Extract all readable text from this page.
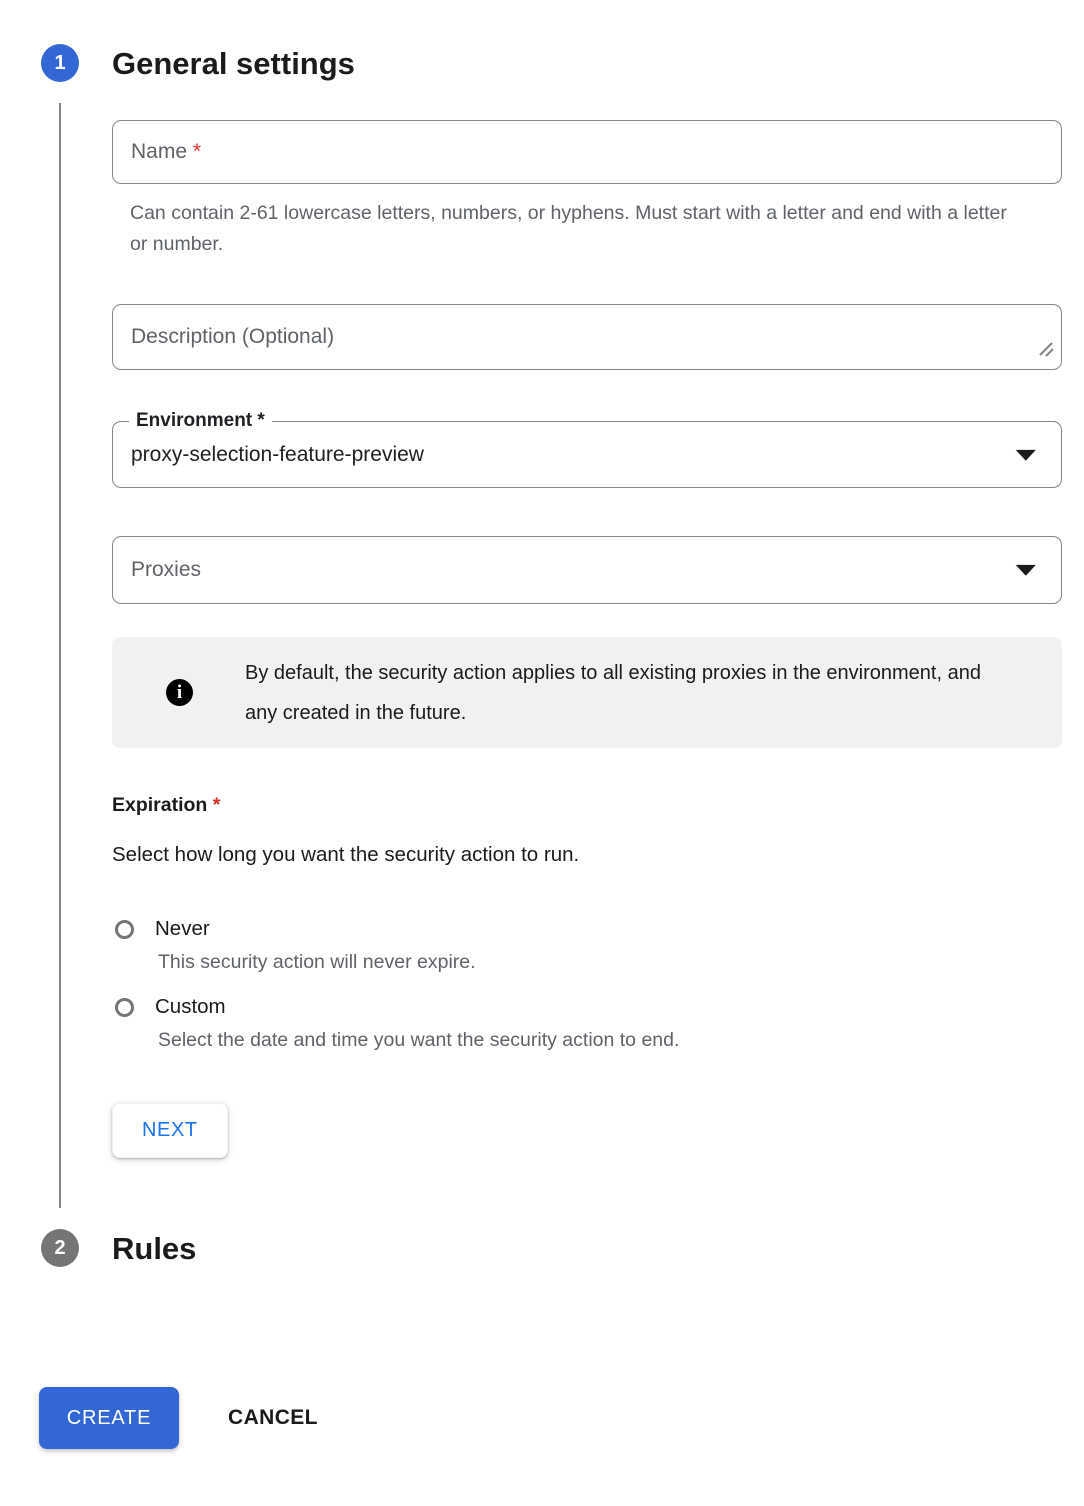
1	General settings
Name *
Can contain 2-61 lowercase letters, numbers, or hyphens. Must start with a letter and end with a letter or number.
Description (Optional)
Environment *
proxy-selection-feature-preview	▼
Proxies	▼
i
By default, the security action applies to all existing proxies in the environment, and any created in the future.
Expiration *
Select how long you want the security action to run.
Never
This security action will never expire.
Custom
Select the date and time you want the security action to end.
NEXT
2	Rules
CREATE	CANCEL
